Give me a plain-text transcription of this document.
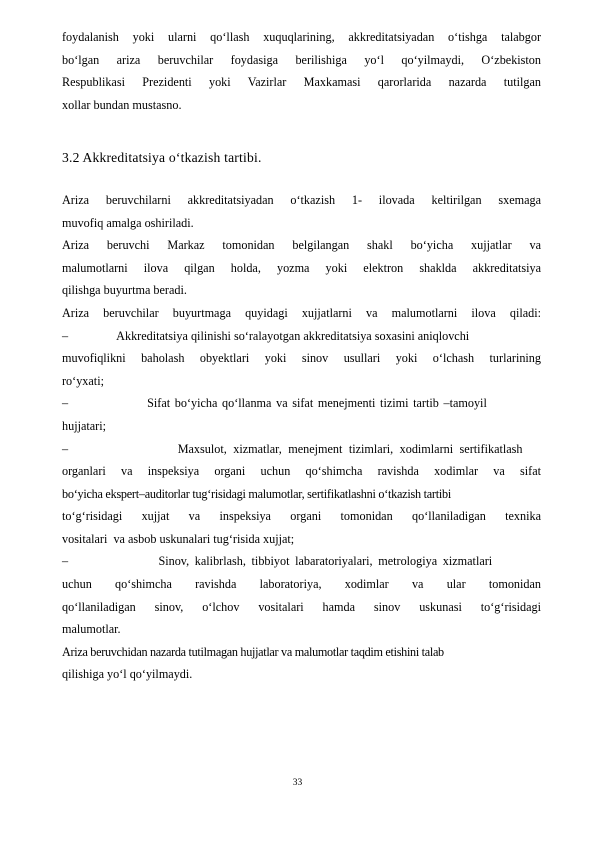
foydalanish yoki ularni qoʻllash xuquqlarining, akkreditatsiyadan oʻtishga talabgor
boʻlgan ariza beruvchilar foydasiga berilishiga yoʻl qoʻyilmaydi, Oʻzbekiston
Respublikasi Prezidenti yoki Vazirlar Maxkamasi qarorlarida nazarda tutilgan
xollar bundan mustasno.
3.2 Akkreditatsiya oʻtkazish tartibi.
Ariza beruvchilarni akkreditatsiyadan oʻtkazish 1- ilovada keltirilgan sxemaga
muvofiq amalga oshiriladi.
Ariza beruvchi Markaz tomonidan belgilangan shakl boʻyicha xujjatlar va
malumotlarni ilova qilgan holda, yozma yoki elektron shaklda akkreditatsiya
qilishga buyurtma beradi.
Ariza beruvchilar buyurtmaga quyidagi xujjatlarni va malumotlarni ilova qiladi:
–                Akkreditatsiya qilinishi soʻralayotgan akkreditatsiya soxasini aniqlovchi
muvofiqlikni baholash obyektlari yoki sinov usullari yoki oʻlchash turlarining
roʻyxati;
–                 Sifat boʻyicha qoʻllanma va sifat menejmenti tizimi tartib –tamoyil
hujjatari;
–                 Maxsulot, xizmatlar, menejment tizimlari, xodimlarni sertifikatlash
organlari va inspeksiya organi uchun qoʻshimcha ravishda xodimlar va sifat
boʻyicha ekspert–auditorlar tugʻrisidagi malumotlar, sertifikatlashni oʻtkazish tartibi
toʻgʻrisidagi xujjat va inspeksiya organi tomonidan qoʻllaniladigan texnika
vositalari  va asbob uskunalari tugʻrisida xujjat;
–                Sinov, kalibrlash, tibbiyot labaratoriyalari, metrologiya xizmatlari
uchun qoʻshimcha ravishda laboratoriya, xodimlar va ular tomonidan
qoʻllaniladigan sinov, oʻlchov vositalari hamda sinov uskunasi toʻgʻrisidagi
malumotlar.
Ariza beruvchidan nazarda tutilmagan hujjatlar va malumotlar taqdim etishini talab
qilishiga yoʻl qoʻyilmaydi.
33
